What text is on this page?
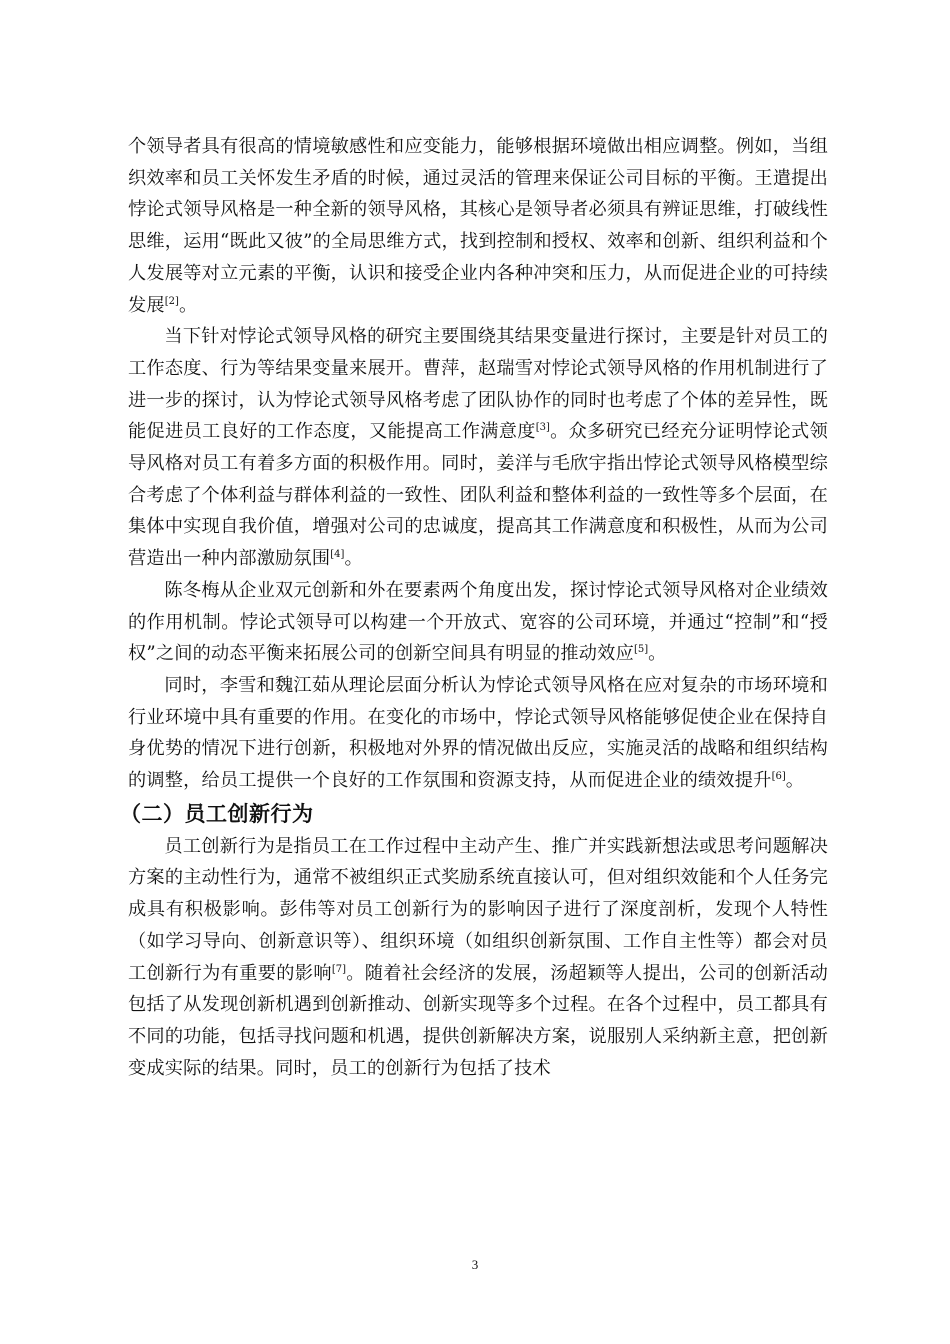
个领导者具有很高的情境敏感性和应变能力，能够根据环境做出相应调整。例如，当组织效率和员工关怀发生矛盾的时候，通过灵活的管理来保证公司目标的平衡。王遣提出悖论式领导风格是一种全新的领导风格，其核心是领导者必须具有辨证思维，打破线性思维，运用“既此又彼”的全局思维方式，找到控制和授权、效率和创新、组织利益和个人发展等对立元素的平衡，认识和接受企业内各种冲突和压力，从而促进企业的可持续发展[2]。

当下针对悖论式领导风格的研究主要围绕其结果变量进行探讨，主要是针对员工的工作态度、行为等结果变量来展开。曹萍，赵瑞雪对悖论式领导风格的作用机制进行了进一步的探讨，认为悖论式领导风格考虑了团队协作的同时也考虑了个体的差异性，既能促进员工良好的工作态度，又能提高工作满意度[3]。众多研究已经充分证明悖论式领导风格对员工有着多方面的积极作用。同时，姜洋与毛欣宇指出悖论式领导风格模型综合考虑了个体利益与群体利益的一致性、团队利益和整体利益的一致性等多个层面，在集体中实现自我价值，增强对公司的忠诚度，提高其工作满意度和积极性，从而为公司营造出一种内部激励氛围[4]。

陈冬梅从企业双元创新和外在要素两个角度出发，探讨悖论式领导风格对企业绩效的作用机制。悖论式领导可以构建一个开放式、宽容的公司环境，并通过“控制”和“授权”之间的动态平衡来拓展公司的创新空间具有明显的推动效应[5]。

同时，李雪和魏江茹从理论层面分析认为悖论式领导风格在应对复杂的市场环境和行业环境中具有重要的作用。在变化的市场中，悖论式领导风格能够促使企业在保持自身优势的情况下进行创新，积极地对外界的情况做出反应，实施灵活的战略和组织结构的调整，给员工提供一个良好的工作氛围和资源支持，从而促进企业的绩效提升[6]。

（二）员工创新行为

员工创新行为是指员工在工作过程中主动产生、推广并实践新想法或思考问题解决方案的主动性行为，通常不被组织正式奖励系统直接认可，但对组织效能和个人任务完成具有积极影响。彭伟等对员工创新行为的影响因子进行了深度剖析，发现个人特性（如学习导向、创新意识等）、组织环境（如组织创新氛围、工作自主性等）都会对员工创新行为有重要的影响[7]。随着社会经济的发展，汤超颖等人提出，公司的创新活动包括了从发现创新机遇到创新推动、创新实现等多个过程。在各个过程中，员工都具有不同的功能，包括寻找问题和机遇，提供创新解决方案，说服别人采纳新主意，把创新变成实际的结果。同时，员工的创新行为包括了技术

3
